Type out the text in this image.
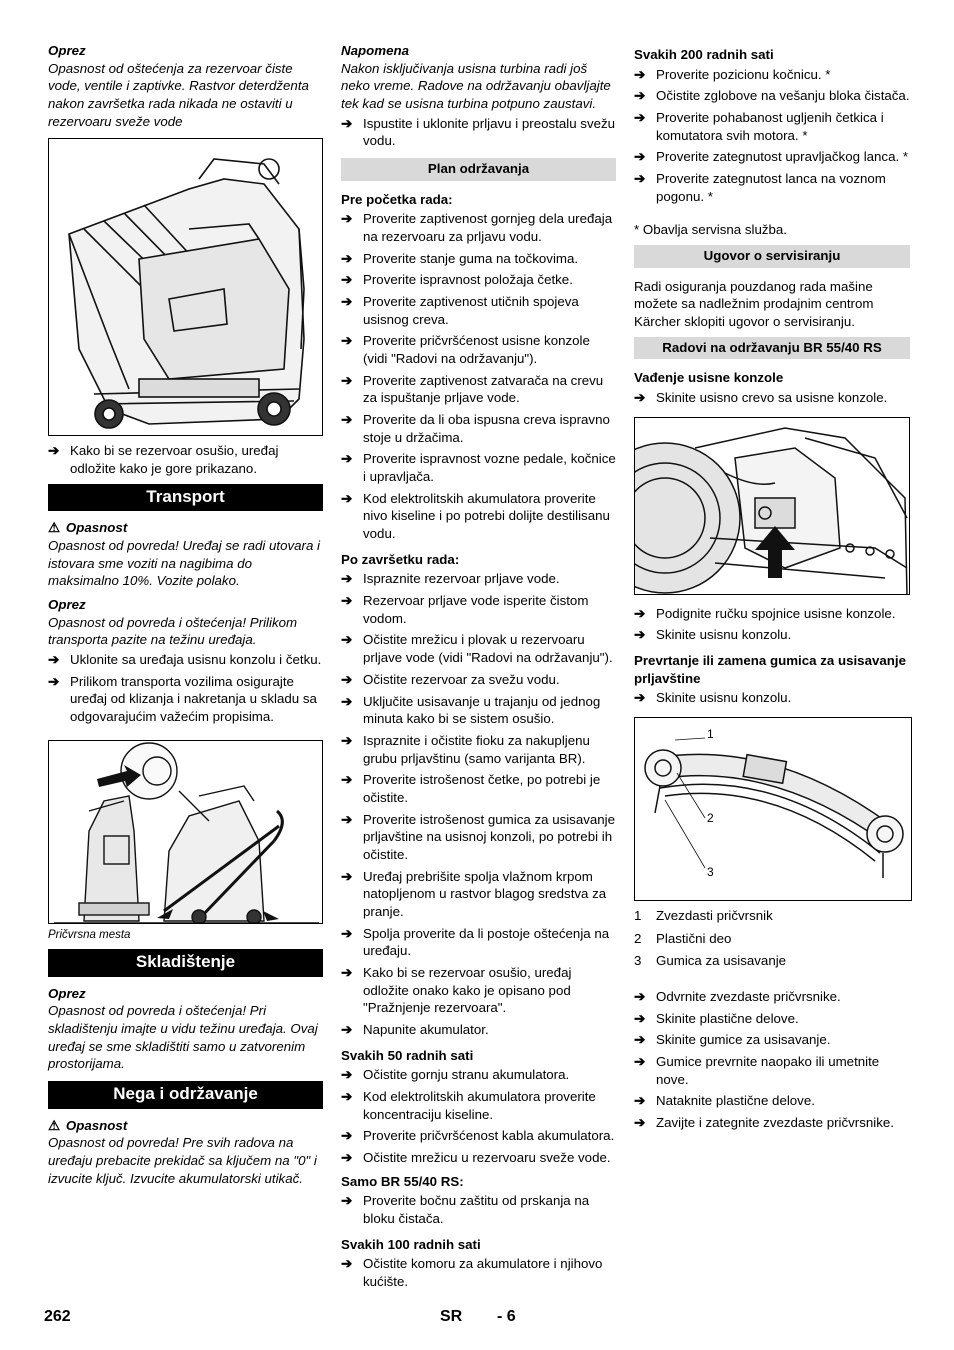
Oprez

Opasnost od oštećenja za rezervoar čiste vode, ventile i zaptivke. Rastvor deterdženta nakon završetka rada nikada ne ostaviti u rezervoaru sveže vode

➔ Kako bi se rezervoar osušio, uređaj odložite kako je gore prikazano.
Transport
⚠ Opasnost

Opasnost od povreda! Uređaj se radi utovara i istovara sme voziti na nagibima do maksimalno 10%. Vozite polako.

Oprez

Opasnost od povreda i oštećenja! Prilikom transporta pazite na težinu uređaja.

➔ Uklonite sa uređaja usisnu konzolu i četku.
➔ Prilikom transporta vozilima osigurajte uređaj od klizanja i nakretanja u skladu sa odgovarajućim važećim propisima.
Pričvrsna mesta
Skladištenje
Oprez

Opasnost od povreda i oštećenja! Pri skladištenju imajte u vidu težinu uređaja. Ovaj uređaj se sme skladištiti samo u zatvorenim prostorijama.

Nega i održavanje
⚠ Opasnost

Opasnost od povreda! Pre svih radova na uređaju prebacite prekidač sa ključem na "0" i izvucite ključ. Izvucite akumulatorski utikač.

Napomena

Nakon isključivanja usisna turbina radi još neko vreme. Radove na održavanju obavljajte tek kad se usisna turbina potpuno zaustavi.

➔ Ispustite i uklonite prljavu i preostalu svežu vodu.
Plan održavanja
Pre početka rada:
➔ Proverite zaptivenost gornjeg dela uređaja na rezervoaru za prljavu vodu.
➔ Proverite stanje guma na točkovima.
➔ Proverite ispravnost položaja četke.
➔ Proverite zaptivenost utičnih spojeva usisnog creva.
➔ Proverite pričvršćenost usisne konzole (vidi "Radovi na održavanju").
➔ Proverite zaptivenost zatvarača na crevu za ispuštanje prljave vode.
➔ Proverite da li oba ispusna creva ispravno stoje u držačima.
➔ Proverite ispravnost vozne pedale, kočnice i upravljača.
➔ Kod elektrolitskih akumulatora proverite nivo kiseline i po potrebi dolijte destilisanu vodu.
Po završetku rada:
➔ Ispraznite rezervoar prljave vode.
➔ Rezervoar prljave vode isperite čistom vodom.
➔ Očistite mrežicu i plovak u rezervoaru prljave vode (vidi "Radovi na održavanju").
➔ Očistite rezervoar za svežu vodu.
➔ Uključite usisavanje u trajanju od jednog minuta kako bi se sistem osušio.
➔ Ispraznite i očistite fioku za nakupljenu grubu prljavštinu (samo varijanta BR).
➔ Proverite istrošenost četke, po potrebi je očistite.
➔ Proverite istrošenost gumica za usisavanje prljavštine na usisnoj konzoli, po potrebi ih očistite.
➔ Uređaj prebrišite spolja vlažnom krpom natopljenom u rastvor blagog sredstva za pranje.
➔ Spolja proverite da li postoje oštećenja na uređaju.
➔ Kako bi se rezervoar osušio, uređaj odložite onako kako je opisano pod "Pražnjenje rezervoara".
➔ Napunite akumulator.
Svakih 50 radnih sati
➔ Očistite gornju stranu akumulatora.
➔ Kod elektrolitskih akumulatora proverite koncentraciju kiseline.
➔ Proverite pričvršćenost kabla akumulatora.
➔ Očistite mrežicu u rezervoaru sveže vode.
Samo BR 55/40 RS:
➔ Proverite bočnu zaštitu od prskanja na bloku čistača.
Svakih 100 radnih sati
➔ Očistite komoru za akumulatore i njihovo kućište.
Svakih 200 radnih sati
➔ Proverite pozicionu kočnicu. *
➔ Očistite zglobove na vešanju bloka čistača.
➔ Proverite pohabanost ugljenih četkica i komutatora svih motora. *
➔ Proverite zategnutost upravljačkog lanca. *
➔ Proverite zategnutost lanca na voznom pogonu. *

* Obavlja servisna služba.

Ugovor o servisiranju

Radi osiguranja pouzdanog rada mašine možete sa nadležnim prodajnim centrom Kärcher sklopiti ugovor o servisiranju.

Radovi na održavanju BR 55/40 RS
Vađenje usisne konzole
➔ Skinite usisno crevo sa usisne konzole.
➔ Podignite ručku spojnice usisne konzole.
➔ Skinite usisnu konzolu.
Prevrtanje ili zamena gumica za usisavanje prljavštine
➔ Skinite usisnu konzolu.
1
2
3
1 Zvezdasti pričvrsnik
2 Plastični deo
3 Gumica za usisavanje
➔ Odvrnite zvezdaste pričvrsnike.
➔ Skinite plastične delove.
➔ Skinite gumice za usisavanje.
➔ Gumice prevrnite naopako ili umetnite nove.
➔ Nataknite plastične delove.
➔ Zavijte i zategnite zvezdaste pričvrsnike.
262	SR - 6
